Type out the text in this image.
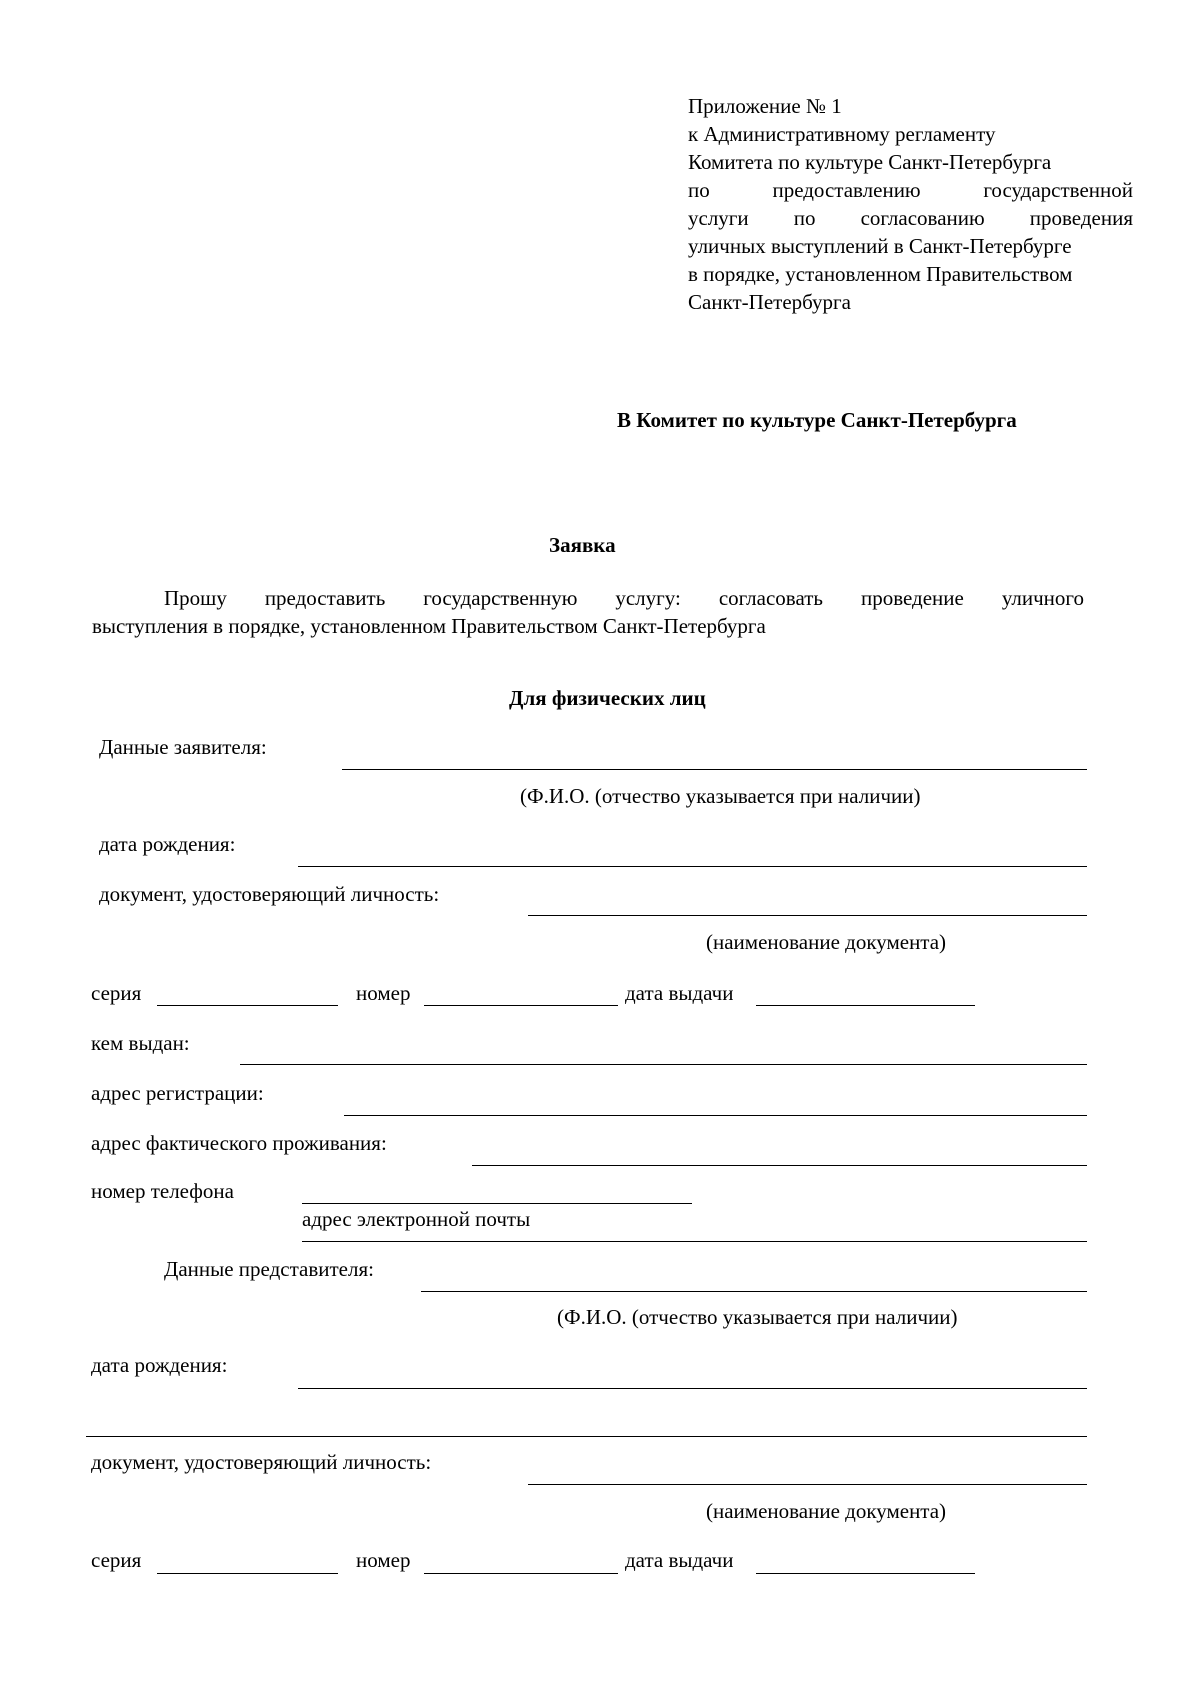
Приложение № 1
к Административному регламенту
Комитета по культуре Санкт-Петербурга
по	предоставлению	государственной
услуги по согласованию проведения
уличных выступлений в Санкт-Петербурге
в порядке, установленном Правительством
Санкт-Петербурга
В Комитет по культуре Санкт-Петербурга
Заявка
Прошу предоставить государственную услугу: согласовать проведение уличного
выступления в порядке, установленном Правительством Санкт-Петербурга
Для физических лиц
Данные заявителя:
(Ф.И.О. (отчество указывается при наличии)
дата рождения:
документ, удостоверяющий личность:
(наименование документа)
серия	номер	дата выдачи
кем выдан:
адрес регистрации:
адрес фактического проживания:
номер телефона
адрес электронной почты
Данные представителя:
(Ф.И.О. (отчество указывается при наличии)
дата рождения:
документ, удостоверяющий личность:
(наименование документа)
серия	номер	дата выдачи
